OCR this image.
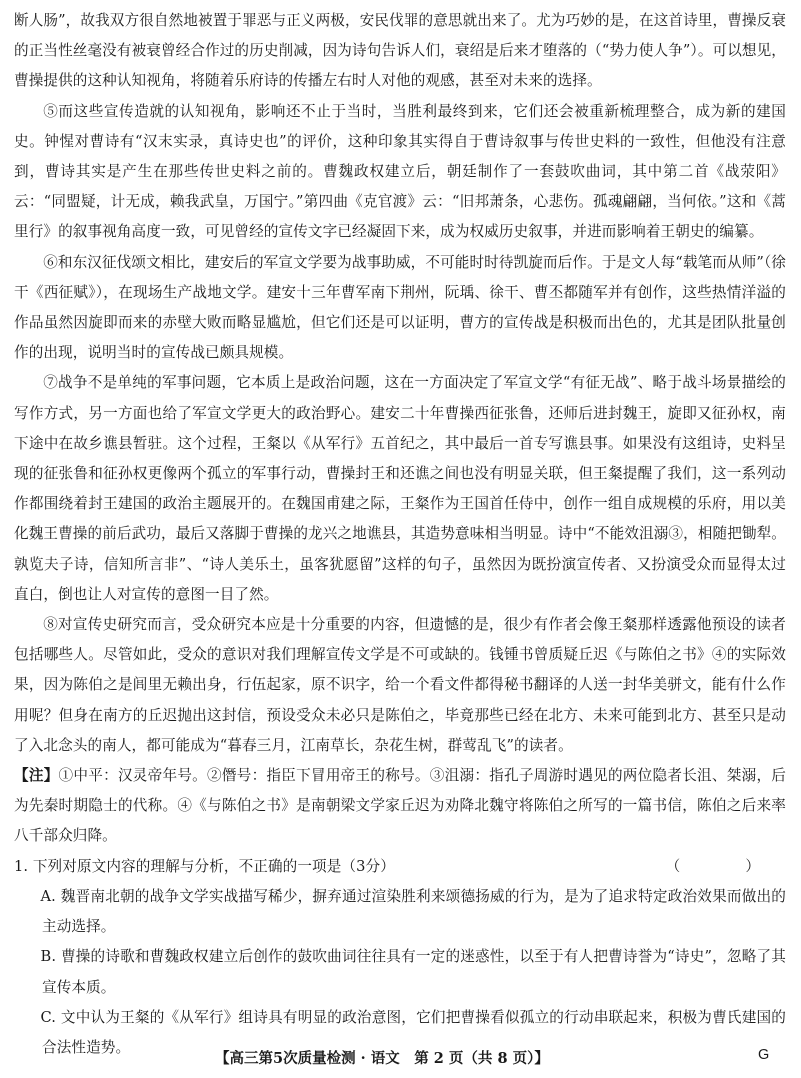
断人肠”，故我双方很自然地被置于罪恶与正义两极，安民伐罪的意思就出来了。尤为巧妙的是，在这首诗里，曹操反衰的正当性丝毫没有被衰曾经合作过的历史削减，因为诗句告诉人们，衰绍是后来才堕落的（“势力使人争”）。可以想见，曹操提供的这种认知视角，将随着乐府诗的传播左右时人对他的观感，甚至对未来的选择。

⑤而这些宣传造就的认知视角，影响还不止于当时，当胜利最终到来，它们还会被重新梳理整合，成为新的建国史。钟惺对曹诗有“汉末实录，真诗史也”的评价，这种印象其实得自于曹诗叙事与传世史料的一致性，但他没有注意到，曹诗其实是产生在那些传世史料之前的。曹魏政权建立后，朝廷制作了一套鼓吹曲词，其中第二首《战荥阳》云：“同盟疑，计无成，赖我武皇，万国宁。”第四曲《克官渡》云：“旧邦萧条，心悲伤。孤魂翩翩，当何依。”这和《蒿里行》的叙事视角高度一致，可见曾经的宣传文字已经凝固下来，成为权威历史叙事，并进而影响着王朝史的编纂。

⑥和东汉征伐颂文相比，建安后的军宣文学要为战事助威，不可能时时待凯旋而后作。于是文人每“载笔而从师”（徐干《西征赋》），在现场生产战地文学。建安十三年曹军南下荆州，阮瑀、徐干、曹丕都随军并有创作，这些热情洋溢的作品虽然因旋即而来的赤壁大败而略显尴尬，但它们还是可以证明，曹方的宣传战是积极而出色的，尤其是团队批量创作的出现，说明当时的宣传战已颇具规模。

⑦战争不是单纯的军事问题，它本质上是政治问题，这在一方面决定了军宣文学“有征无战”、略于战斗场景描绘的写作方式，另一方面也给了军宣文学更大的政治野心。建安二十年曹操西征张鲁，还师后进封魏王，旋即又征孙权，南下途中在故乡谯县暂驻。这个过程，王粲以《从军行》五首纪之，其中最后一首专写谯县事。如果没有这组诗，史料呈现的征张鲁和征孙权更像两个孤立的军事行动，曹操封王和还谯之间也没有明显关联，但王粲提醒了我们，这一系列动作都围绕着封王建国的政治主题展开的。在魏国甫建之际，王粲作为王国首任侍中，创作一组自成规模的乐府，用以美化魏王曹操的前后武功，最后又落脚于曹操的龙兴之地谯县，其造势意味相当明显。诗中“不能效沮溺③，相随把锄犁。孰览夫子诗，信知所言非”、“诗人美乐土，虽客犹愿留”这样的句子，虽然因为既扮演宣传者、又扮演受众而显得太过直白，倒也让人对宣传的意图一目了然。

⑧对宣传史研究而言，受众研究本应是十分重要的内容，但遗憾的是，很少有作者会像王粲那样透露他预设的读者包括哪些人。尽管如此，受众的意识对我们理解宣传文学是不可或缺的。钱锺书曾质疑丘迟《与陈伯之书》④的实际效果，因为陈伯之是闾里无赖出身，行伍起家，原不识字，给一个看文件都得秘书翻译的人送一封华美骈文，能有什么作用呢？但身在南方的丘迟抛出这封信，预设受众未必只是陈伯之，毕竟那些已经在北方、未来可能到北方、甚至只是动了入北念头的南人，都可能成为“暮春三月，江南草长，杂花生树，群莺乱飞”的读者。

【注】①中平：汉灵帝年号。②僭号：指臣下冒用帝王的称号。③沮溺：指孔子周游时遇见的两位隐者长沮、桀溺，后为先秦时期隐士的代称。④《与陈伯之书》是南朝梁文学家丘迟为劝降北魏守将陈伯之所写的一篇书信，陈伯之后来率八千部众归降。

1. 下列对原文内容的理解与分析，不正确的一项是（3分）	（　　）

A. 魏晋南北朝的战争文学实战描写稀少，摒弃通过渲染胜利来颂德扬威的行为，是为了追求特定政治效果而做出的主动选择。

B. 曹操的诗歌和曹魏政权建立后创作的鼓吹曲词往往具有一定的迷惑性，以至于有人把曹诗誉为“诗史”，忽略了其宣传本质。

C. 文中认为王粲的《从军行》组诗具有明显的政治意图，它们把曹操看似孤立的行动串联起来，积极为曹氏建国的合法性造势。

【高三第5次质量检测 · 语文　第 2 页（共 8 页）】	G
